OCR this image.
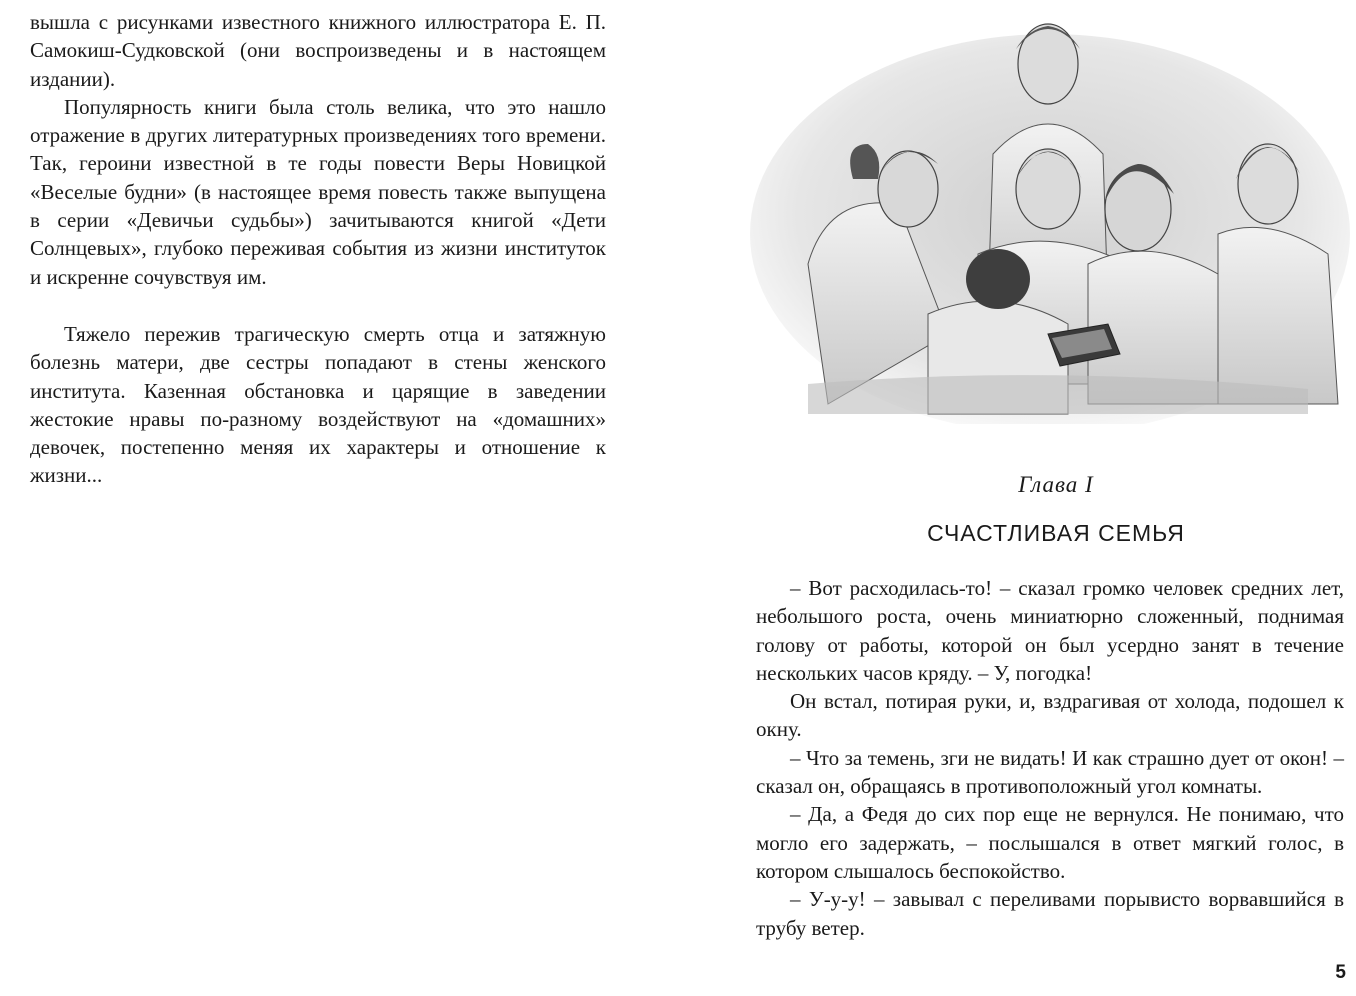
вышла с рисунками известного книжного иллюстратора Е. П. Самокиш-Судковской (они воспроизведены и в настоящем издании).

Популярность книги была столь велика, что это нашло отражение в других литературных произведениях того времени. Так, героини известной в те годы повести Веры Новицкой «Веселые будни» (в настоящее время повесть также выпущена в серии «Девичьи судьбы») зачитываются книгой «Дети Солнцевых», глубоко переживая события из жизни институток и искренне сочувствуя им.

Тяжело пережив трагическую смерть отца и затяжную болезнь матери, две сестры попадают в стены женского института. Казенная обстановка и царящие в заведении жестокие нравы по-разному воздействуют на «домашних» девочек, постепенно меняя их характеры и отношение к жизни...	Глава I
СЧАСТЛИВАЯ СЕМЬЯ

– Вот расходилась-то! – сказал громко человек средних лет, небольшого роста, очень миниатюрно сложенный, поднимая голову от работы, которой он был усердно занят в течение нескольких часов кряду. – У, погодка!

Он встал, потирая руки, и, вздрагивая от холода, подошел к окну.

– Что за темень, зги не видать! И как страшно дует от окон! – сказал он, обращаясь в противоположный угол комнаты.

– Да, а Федя до сих пор еще не вернулся. Не понимаю, что могло его задержать, – послышался в ответ мягкий голос, в котором слышалось беспокойство.

– У-у-у! – завывал с переливами порывисто ворвавшийся в трубу ветер.

5
